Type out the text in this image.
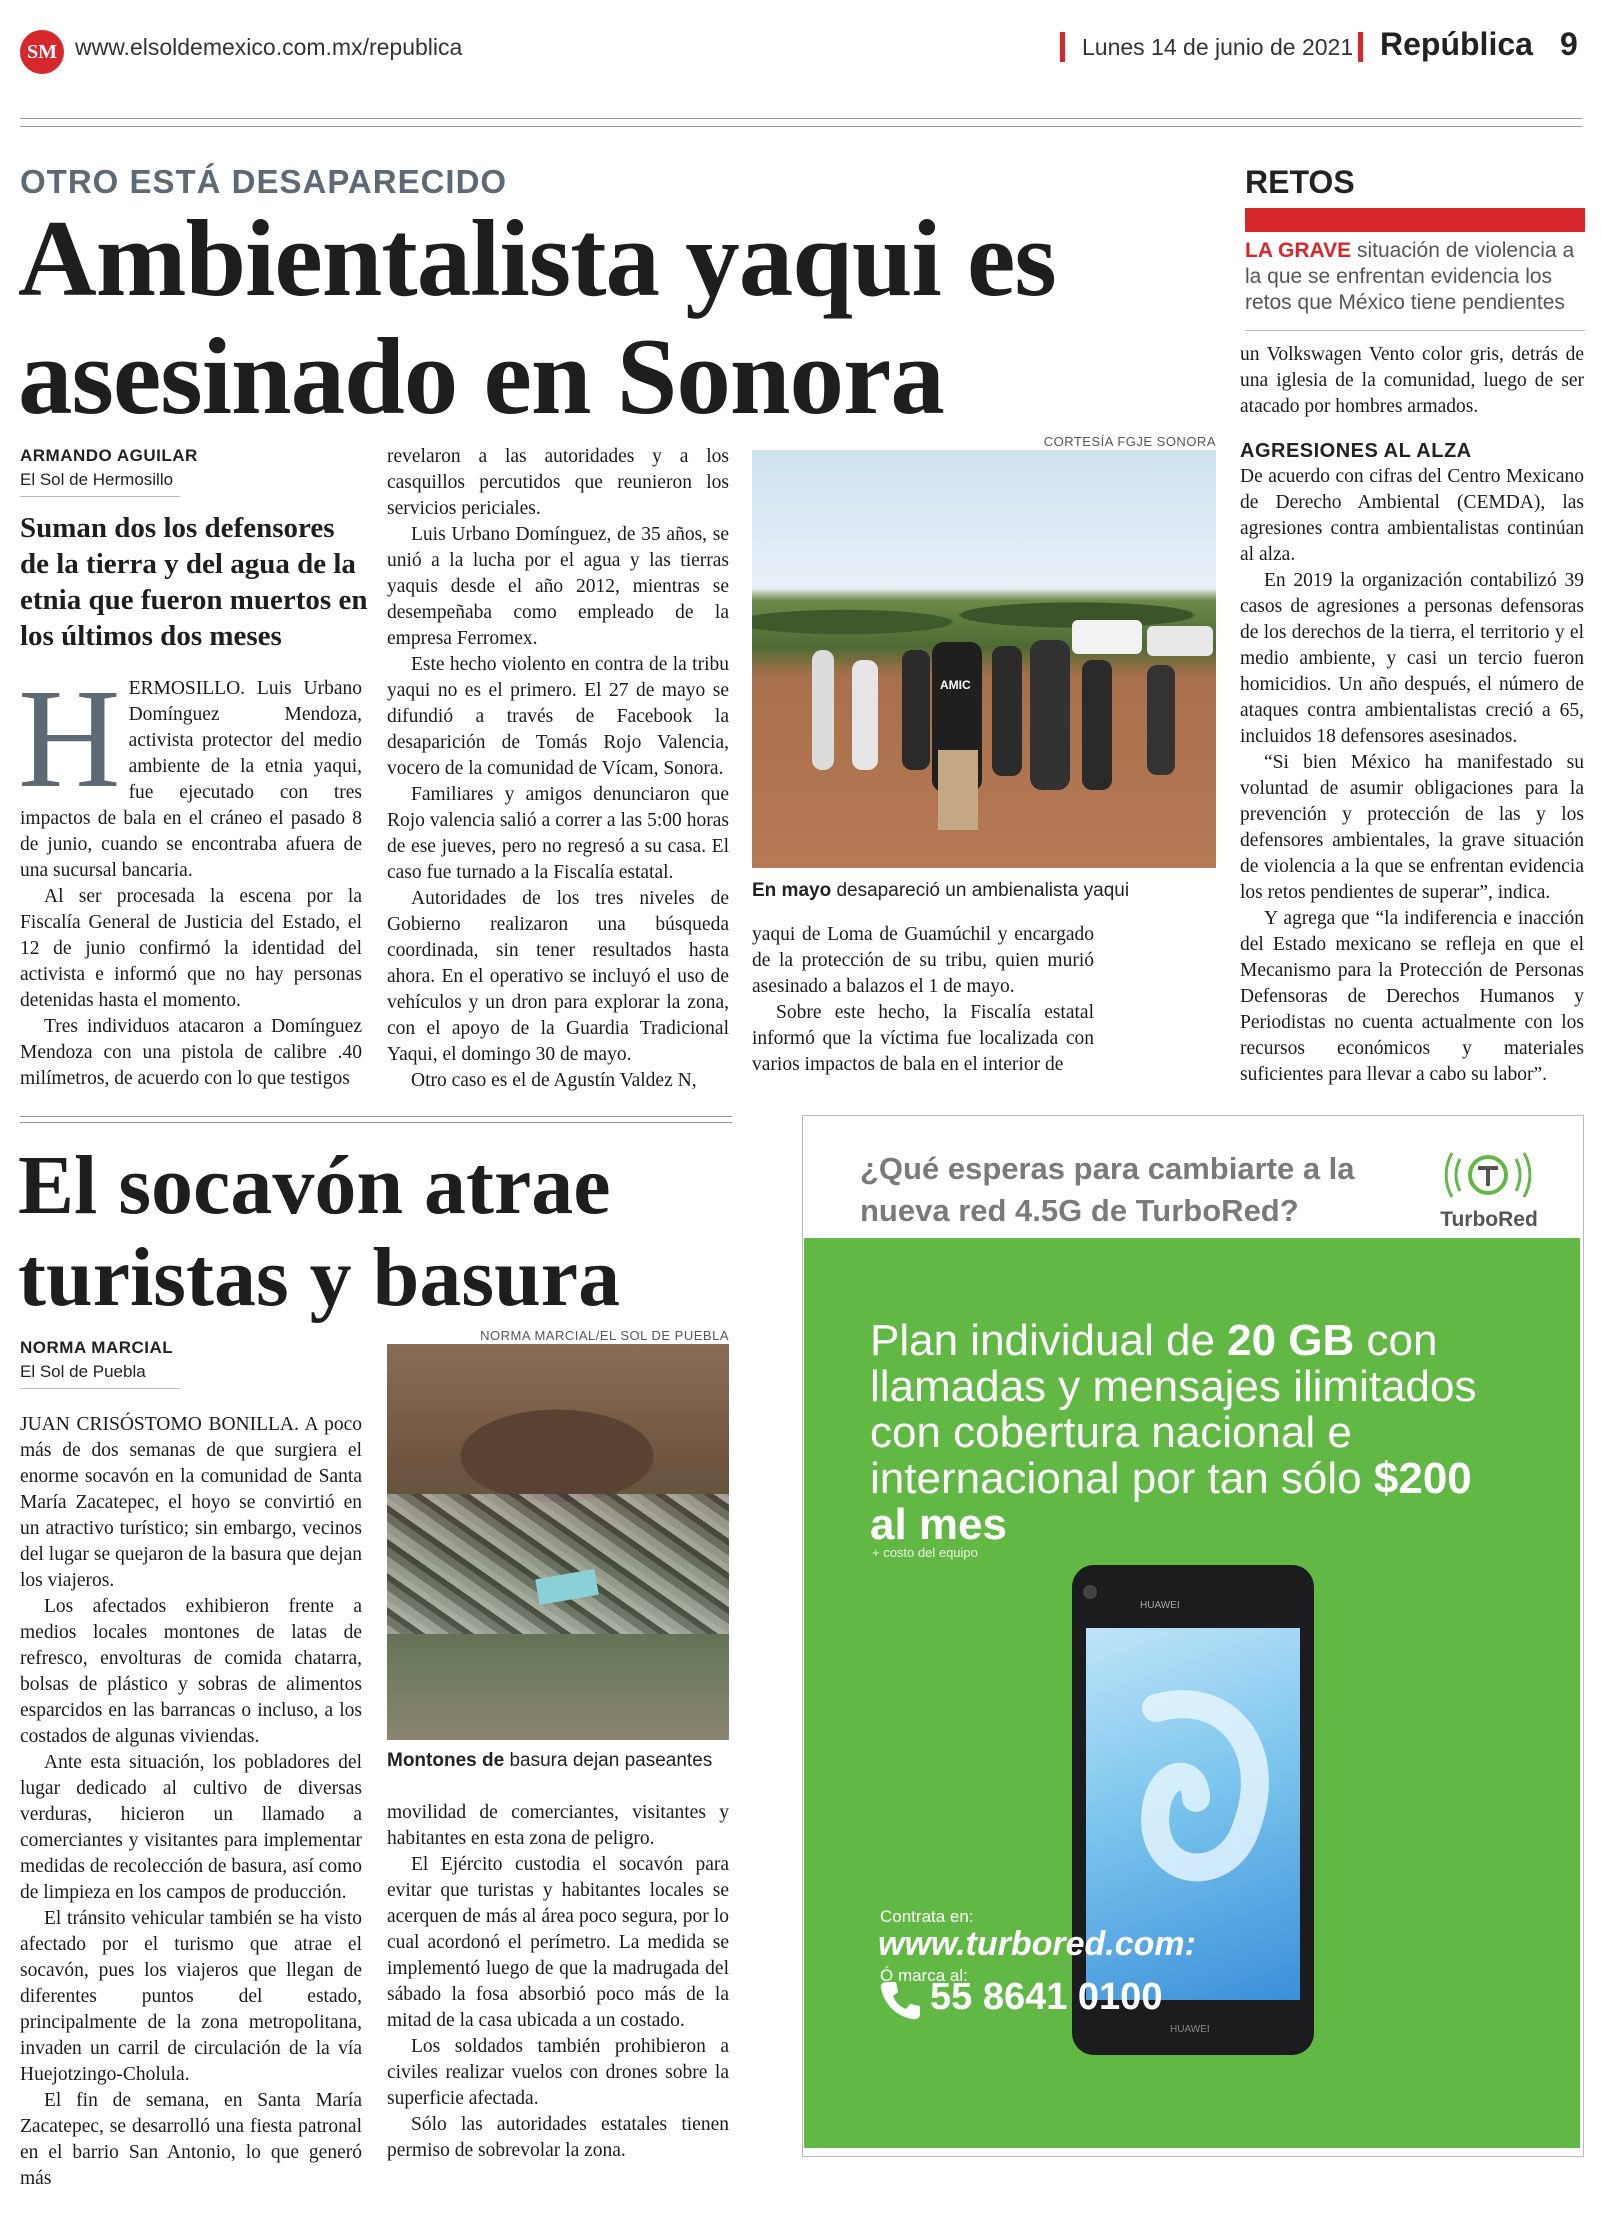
SM www.elsoldemexico.com.mx/republica	Lunes 14 de junio de 2021 República 9
OTRO ESTÁ DESAPARECIDO
Ambientalista yaqui es asesinado en Sonora
ARMANDO AGUILAR
El Sol de Hermosillo
Suman dos los defensores de la tierra y del agua de la etnia que fueron muertos en los últimos dos meses
H ERMOSILLO. Luis Urbano Domínguez Mendoza, activista protector del medio ambiente de la etnia yaqui, fue ejecutado con tres impactos de bala en el cráneo el pasado 8 de junio, cuando se encontraba afuera de una sucursal bancaria.

Al ser procesada la escena por la Fiscalía General de Justicia del Estado, el 12 de junio confirmó la identidad del activista e informó que no hay personas detenidas hasta el momento.

Tres individuos atacaron a Domínguez Mendoza con una pistola de calibre .40 milímetros, de acuerdo con lo que testigos

revelaron a las autoridades y a los casquillos percutidos que reunieron los servicios periciales.

Luis Urbano Domínguez, de 35 años, se unió a la lucha por el agua y las tierras yaquis desde el año 2012, mientras se desempeñaba como empleado de la empresa Ferromex.

Este hecho violento en contra de la tribu yaqui no es el primero. El 27 de mayo se difundió a través de Facebook la desaparición de Tomás Rojo Valencia, vocero de la comunidad de Vícam, Sonora.

Familiares y amigos denunciaron que Rojo valencia salió a correr a las 5:00 horas de ese jueves, pero no regresó a su casa. El caso fue turnado a la Fiscalía estatal.

Autoridades de los tres niveles de Gobierno realizaron una búsqueda coordinada, sin tener resultados hasta ahora. En el operativo se incluyó el uso de vehículos y un dron para explorar la zona, con el apoyo de la Guardia Tradicional Yaqui, el domingo 30 de mayo.

Otro caso es el de Agustín Valdez N,

CORTESÍA FGJE SONORA
AMIC
En mayo desapareció un ambienalista yaqui

yaqui de Loma de Guamúchil y encargado de la protección de su tribu, quien murió asesinado a balazos el 1 de mayo.

Sobre este hecho, la Fiscalía estatal informó que la víctima fue localizada con varios impactos de bala en el interior de

RETOS
LA GRAVE situación de violencia a la que se enfrentan evidencia los retos que México tiene pendientes

un Volkswagen Vento color gris, detrás de una iglesia de la comunidad, luego de ser atacado por hombres armados.

AGRESIONES AL ALZA

De acuerdo con cifras del Centro Mexicano de Derecho Ambiental (CEMDA), las agresiones contra ambientalistas continúan al alza.

En 2019 la organización contabilizó 39 casos de agresiones a personas defensoras de los derechos de la tierra, el territorio y el medio ambiente, y casi un tercio fueron homicidios. Un año después, el número de ataques contra ambientalistas creció a 65, incluidos 18 defensores asesinados.

“Si bien México ha manifestado su voluntad de asumir obligaciones para la prevención y protección de las y los defensores ambientales, la grave situación de violencia a la que se enfrentan evidencia los retos pendientes de superar”, indica.

Y agrega que “la indiferencia e inacción del Estado mexicano se refleja en que el Mecanismo para la Protección de Personas Defensoras de Derechos Humanos y Periodistas no cuenta actualmente con los recursos económicos y materiales suficientes para llevar a cabo su labor”.

El socavón atrae turistas y basura
NORMA MARCIAL
El Sol de Puebla

JUAN CRISÓSTOMO BONILLA. A poco más de dos semanas de que surgiera el enorme socavón en la comunidad de Santa María Zacatepec, el hoyo se convirtió en un atractivo turístico; sin embargo, vecinos del lugar se quejaron de la basura que dejan los viajeros.

Los afectados exhibieron frente a medios locales montones de latas de refresco, envolturas de comida chatarra, bolsas de plástico y sobras de alimentos esparcidos en las barrancas o incluso, a los costados de algunas viviendas.

Ante esta situación, los pobladores del lugar dedicado al cultivo de diversas verduras, hicieron un llamado a comerciantes y visitantes para implementar medidas de recolección de basura, así como de limpieza en los campos de producción.

El tránsito vehicular también se ha visto afectado por el turismo que atrae el socavón, pues los viajeros que llegan de diferentes puntos del estado, principalmente de la zona metropolitana, invaden un carril de circulación de la vía Huejotzingo-Cholula.

El fin de semana, en Santa María Zacatepec, se desarrolló una fiesta patronal en el barrio San Antonio, lo que generó más

NORMA MARCIAL/EL SOL DE PUEBLA
Montones de basura dejan paseantes

movilidad de comerciantes, visitantes y habitantes en esta zona de peligro.

El Ejército custodia el socavón para evitar que turistas y habitantes locales se acerquen de más al área poco segura, por lo cual acordonó el perímetro. La medida se implementó luego de que la madrugada del sábado la fosa absorbió poco más de la mitad de la casa ubicada a un costado.

Los soldados también prohibieron a civiles realizar vuelos con drones sobre la superficie afectada.

Sólo las autoridades estatales tienen permiso de sobrevolar la zona.

¿Qué esperas para cambiarte a la
nueva red 4.5G de TurboRed?	TurboRed
Plan individual de 20 GB con llamadas y mensajes ilimitados con cobertura nacional e internacional por tan sólo $200 al mes
+ costo del equipo
HUAWEI
HUAWEI
Contrata en:
www.turbored.com:
Ó marca al:
55 8641 0100
